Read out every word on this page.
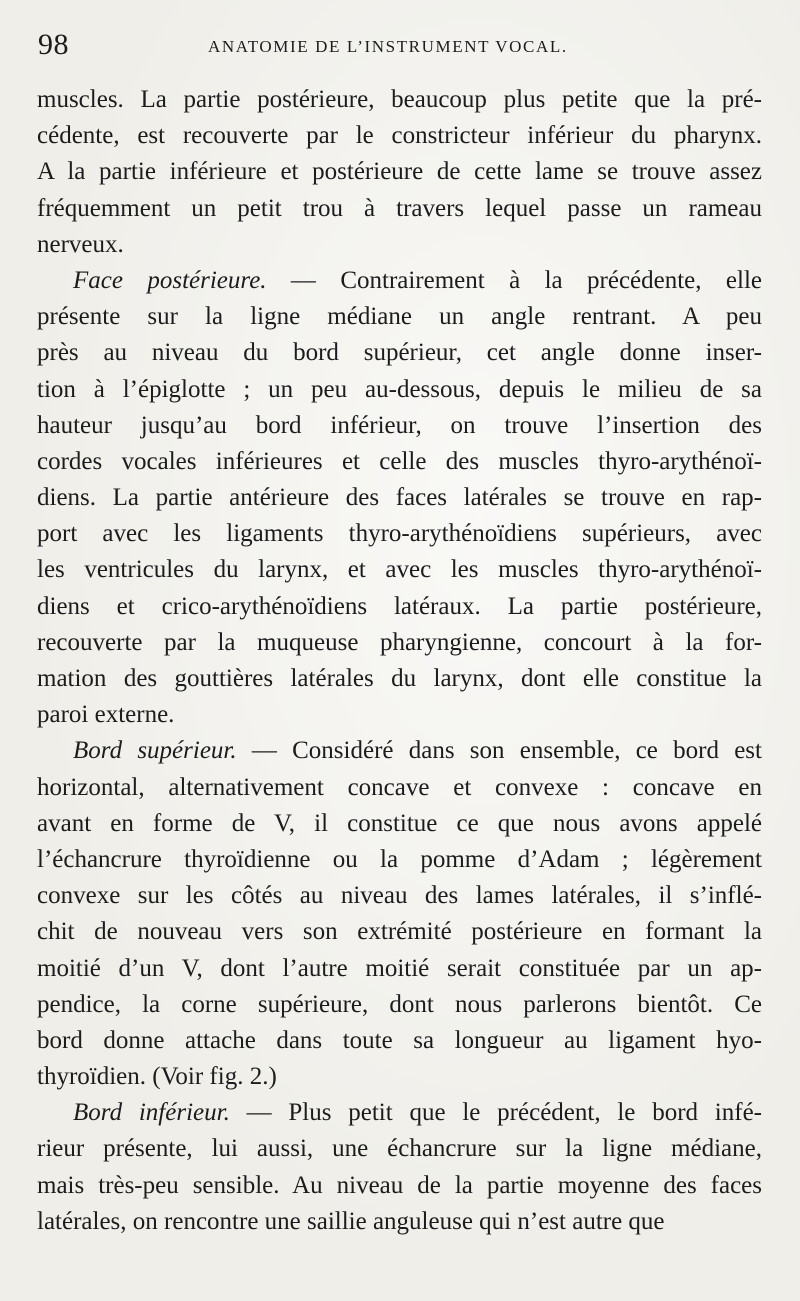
98	ANATOMIE DE L’INSTRUMENT VOCAL.
muscles. La partie postérieure, beaucoup plus petite que la pré-
cédente, est recouverte par le constricteur inférieur du pharynx.
A la partie inférieure et postérieure de cette lame se trouve assez
fréquemment un petit trou à travers lequel passe un rameau
nerveux.
Face postérieure. — Contrairement à la précédente, elle
présente sur la ligne médiane un angle rentrant. A peu
près au niveau du bord supérieur, cet angle donne inser-
tion à l’épiglotte ; un peu au-dessous, depuis le milieu de sa
hauteur jusqu’au bord inférieur, on trouve l’insertion des
cordes vocales inférieures et celle des muscles thyro-arythénoï-
diens. La partie antérieure des faces latérales se trouve en rap-
port avec les ligaments thyro-arythénoïdiens supérieurs, avec
les ventricules du larynx, et avec les muscles thyro-arythénoï-
diens et crico-arythénoïdiens latéraux. La partie postérieure,
recouverte par la muqueuse pharyngienne, concourt à la for-
mation des gouttières latérales du larynx, dont elle constitue la
paroi externe.
Bord supérieur. — Considéré dans son ensemble, ce bord est
horizontal, alternativement concave et convexe : concave en
avant en forme de V, il constitue ce que nous avons appelé
l’échancrure thyroïdienne ou la pomme d’Adam ; légèrement
convexe sur les côtés au niveau des lames latérales, il s’inflé-
chit de nouveau vers son extrémité postérieure en formant la
moitié d’un V, dont l’autre moitié serait constituée par un ap-
pendice, la corne supérieure, dont nous parlerons bientôt. Ce
bord donne attache dans toute sa longueur au ligament hyo-
thyroïdien. (Voir fig. 2.)
Bord inférieur. — Plus petit que le précédent, le bord infé-
rieur présente, lui aussi, une échancrure sur la ligne médiane,
mais très-peu sensible. Au niveau de la partie moyenne des faces
latérales, on rencontre une saillie anguleuse qui n’est autre que
